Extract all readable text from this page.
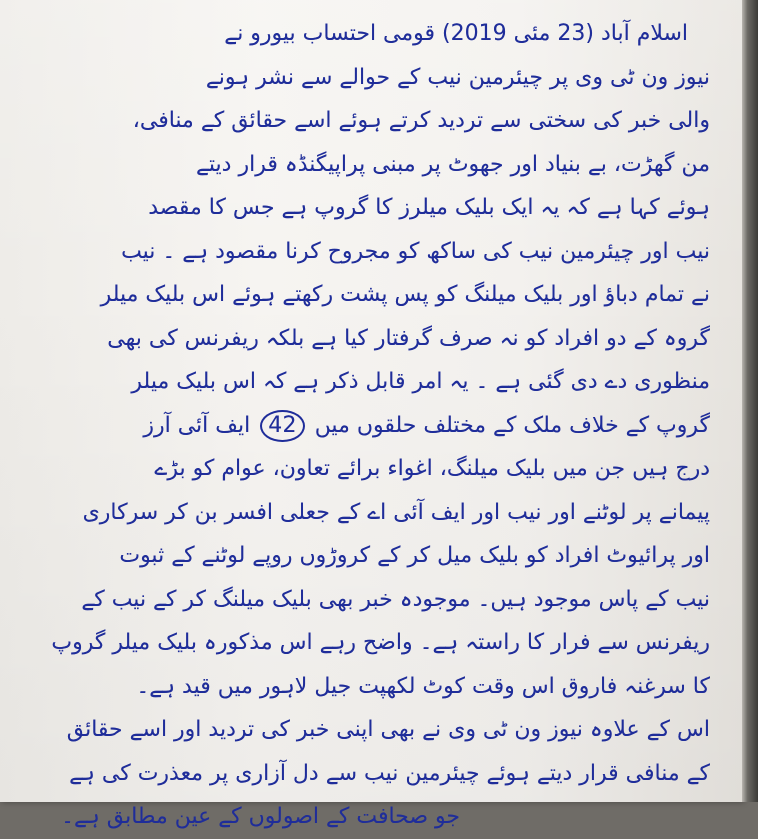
اسلام آباد (23 مئی 2019) قومی احتساب بیورو نے
نیوز ون ٹی وی پر چیئرمین نیب کے حوالے سے نشر ہونے
والی خبر کی سختی سے تردید کرتے ہوئے اسے حقائق کے منافی،
من گھڑت، بے بنیاد اور جھوٹ پر مبنی پراپیگنڈہ قرار دیتے
ہوئے کہا ہے کہ یہ ایک بلیک میلرز کا گروپ ہے جس کا مقصد
نیب اور چیئرمین نیب کی ساکھ کو مجروح کرنا مقصود ہے ۔ نیب
نے تمام دباؤ اور بلیک میلنگ کو پس پشت رکھتے ہوئے اس بلیک میلر
گروہ کے دو افراد کو نہ صرف گرفتار کیا ہے بلکہ ریفرنس کی بھی
منظوری دے دی گئی ہے ۔ یہ امر قابل ذکر ہے کہ اس بلیک میلر
گروپ کے خلاف ملک کے مختلف حلقوں میں 42 ایف آئی آرز
درج ہیں جن میں بلیک میلنگ، اغواء برائے تعاون، عوام کو بڑے
پیمانے پر لوٹنے اور نیب اور ایف آئی اے کے جعلی افسر بن کر سرکاری
اور پرائیوٹ افراد کو بلیک میل کر کے کروڑوں روپے لوٹنے کے ثبوت
نیب کے پاس موجود ہیں۔ موجودہ خبر بھی بلیک میلنگ کر کے نیب کے
ریفرنس سے فرار کا راستہ ہے۔ واضح رہے اس مذکورہ بلیک میلر گروپ
کا سرغنہ فاروق اس وقت کوٹ لکھپت جیل لاہور میں قید ہے۔
اس کے علاوہ نیوز ون ٹی وی نے بھی اپنی خبر کی تردید اور اسے حقائق
کے منافی قرار دیتے ہوئے چیئرمین نیب سے دل آزاری پر معذرت کی ہے
جو صحافت کے اصولوں کے عین مطابق ہے۔
